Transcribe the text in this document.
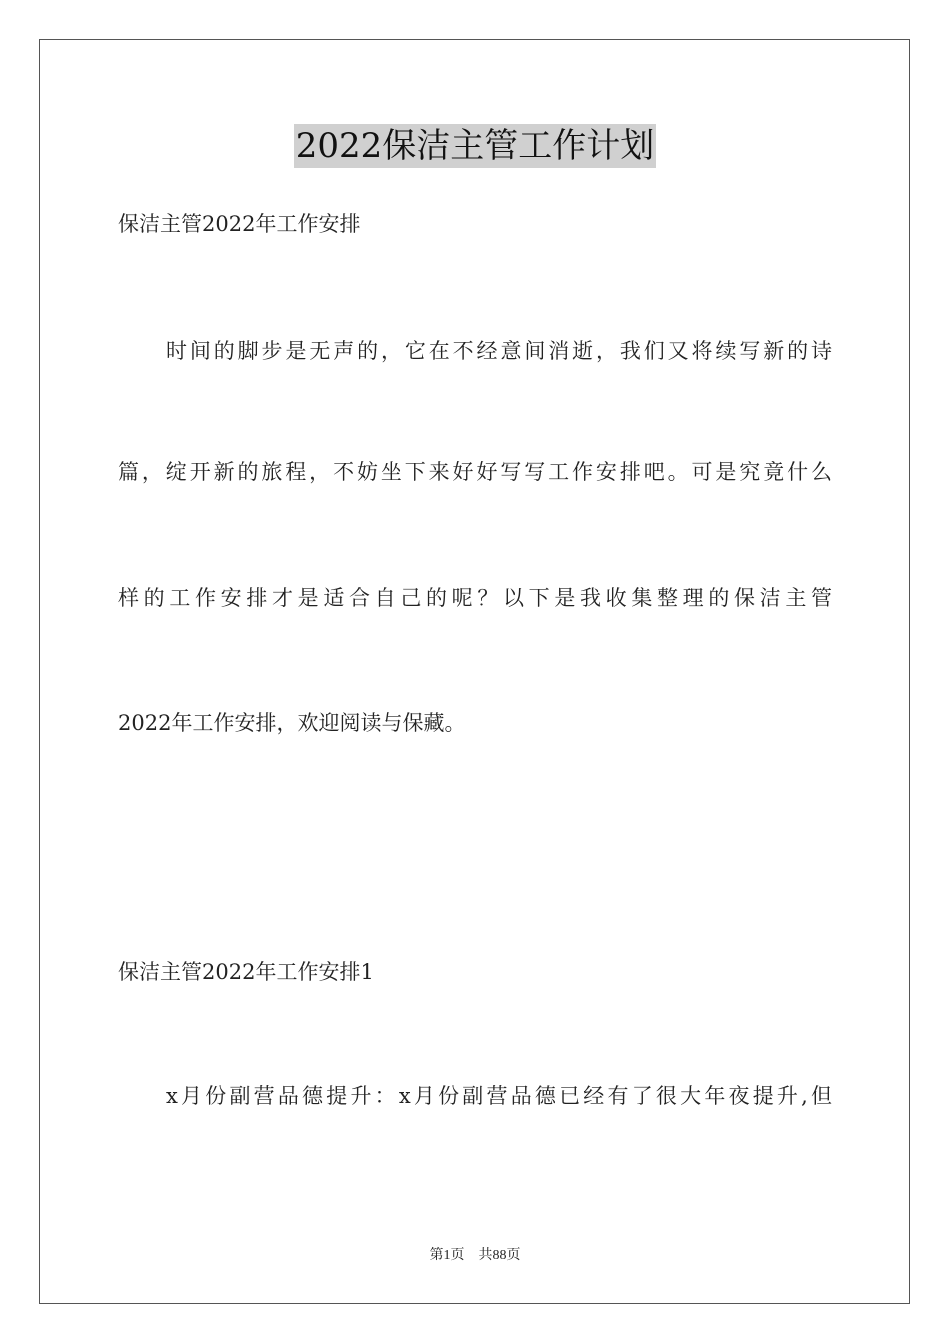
2022保洁主管工作计划
保洁主管2022年工作安排
时间的脚步是无声的，它在不经意间消逝，我们又将续写新的诗
篇，绽开新的旅程，不妨坐下来好好写写工作安排吧。可是究竟什么
样的工作安排才是适合自己的呢？以下是我收集整理的保洁主管
2022年工作安排，欢迎阅读与保藏。
保洁主管2022年工作安排1
x月份副营品德提升：x月份副营品德已经有了很大年夜提升,但
第1页　共88页
